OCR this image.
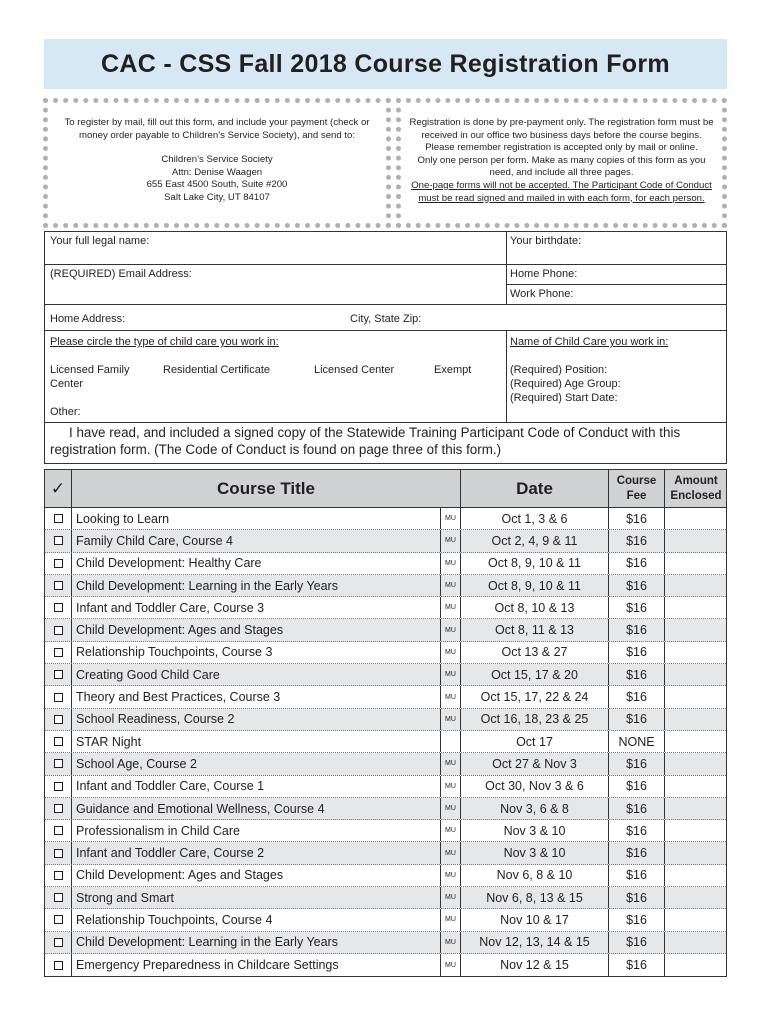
CAC - CSS Fall 2018 Course Registration Form
To register by mail, fill out this form, and include your payment (check or
money order payable to Children’s Service Society), and send to:
Children’s Service Society
Attn: Denise Waagen
655 East 4500 South, Suite #200
Salt Lake City, UT 84107
Registration is done by pre-payment only. The registration form must be
received in our office two business days before the course begins.
Please remember registration is accepted only by mail or online.
Only one person per form. Make as many copies of this form as you
need, and include all three pages.
One-page forms will not be accepted. The Participant Code of Conduct
must be read signed and mailed in with each form, for each person.
Your full legal name:	Your birthdate:
(REQUIRED) Email Address:	Home Phone:
Work Phone:
Home Address:	City, State Zip:
Please circle the type of child care you work in:	Name of Child Care you work in:
Licensed Family
Center
Residential Certificate	Licensed Center	Exempt
Other:
(Required) Position:
(Required) Age Group:
(Required) Start Date:
I have read, and included a signed copy of the Statewide Training Participant Code of Conduct with this
registration form. (The Code of Conduct is found on page three of this form.)
✓	Course Title	Date	Course
Fee
Amount
Enclosed
Looking to Learn	MU	Oct 1, 3 & 6	$16
Family Child Care, Course 4	MU	Oct 2, 4, 9 & 11	$16
Child Development: Healthy Care	MU	Oct 8, 9, 10 & 11	$16
Child Development: Learning in the Early Years	MU	Oct 8, 9, 10 & 11	$16
Infant and Toddler Care, Course 3	MU	Oct 8, 10 & 13	$16
Child Development: Ages and Stages	MU	Oct 8, 11 & 13	$16
Relationship Touchpoints, Course 3	MU	Oct 13 & 27	$16
Creating Good Child Care	MU	Oct 15, 17 & 20	$16
Theory and Best Practices, Course 3	MU	Oct 15, 17, 22 & 24	$16
School Readiness, Course 2	MU	Oct 16, 18, 23 & 25	$16
STAR Night	Oct 17	NONE
School Age, Course 2	MU	Oct 27 & Nov 3	$16
Infant and Toddler Care, Course 1	MU	Oct 30, Nov 3 & 6	$16
Guidance and Emotional Wellness, Course 4	MU	Nov 3, 6 & 8	$16
Professionalism in Child Care	MU	Nov 3 & 10	$16
Infant and Toddler Care, Course 2	MU	Nov 3 & 10	$16
Child Development: Ages and Stages	MU	Nov 6, 8 & 10	$16
Strong and Smart	MU	Nov 6, 8, 13 & 15	$16
Relationship Touchpoints, Course 4	MU	Nov 10 & 17	$16
Child Development: Learning in the Early Years	MU	Nov 12, 13, 14 & 15	$16
Emergency Preparedness in Childcare Settings	MU	Nov 12 & 15	$16
